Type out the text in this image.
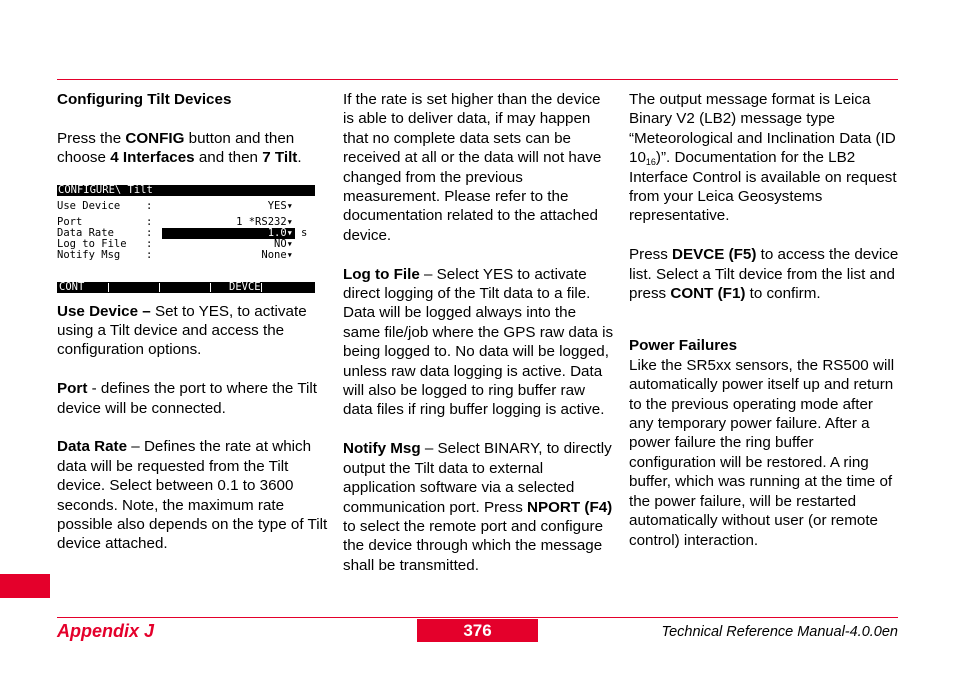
Configuring Tilt Devices

Press the CONFIG button and then choose 4 Interfaces and then 7 Tilt.

Use Device – Set to YES, to activate using a Tilt device and access the configuration options.

Port - defines the port to where the Tilt device will be connected.

Data Rate – Defines the rate at which data will be requested from the Tilt device. Select between 0.1 to 3600 seconds. Note, the maximum rate possible also depends on the type of Tilt device attached.

CONFIGURE\ Tilt
Use Device	:	YES▾
Port	:	1 *RS232▾
Data Rate	:	1.0▾ s
Log to File	:	NO▾
Notify Msg	:	None▾

CONT

	DEVCE

If the rate is set higher than the device is able to deliver data, if may happen that no complete data sets can be received at all or the data will not have changed from the previous measurement. Please refer to the documentation related to the attached device.

Log to File – Select YES to activate direct logging of the Tilt data to a file. Data will be logged always into the same file/job where the GPS raw data is being logged to. No data will be logged, unless raw data logging is active. Data will also be logged to ring buffer raw data files if ring buffer logging is active.

Notify Msg – Select BINARY, to directly output the Tilt data to external application software via a selected communication port. Press NPORT (F4) to select the remote port and configure the device through which the message shall be transmitted.

The output message format is Leica Binary V2 (LB2) message type “Meteorological and Inclination Data (ID $10_{16}$)”. Documentation for the LB2 Interface Control is available on request from your Leica Geosystems representative.

Press DEVCE (F5) to access the device list. Select a Tilt device from the list and press CONT (F1) to confirm.

Power Failures

Like the SR5xx sensors, the RS500 will automatically power itself up and return to the previous operating mode after any temporary power failure. After a power failure the ring buffer configuration will be restored. A ring buffer, which was running at the time of the power failure, will be restarted automatically without user (or remote control) interaction.

Appendix J	376	Technical Reference Manual-4.0.0en
